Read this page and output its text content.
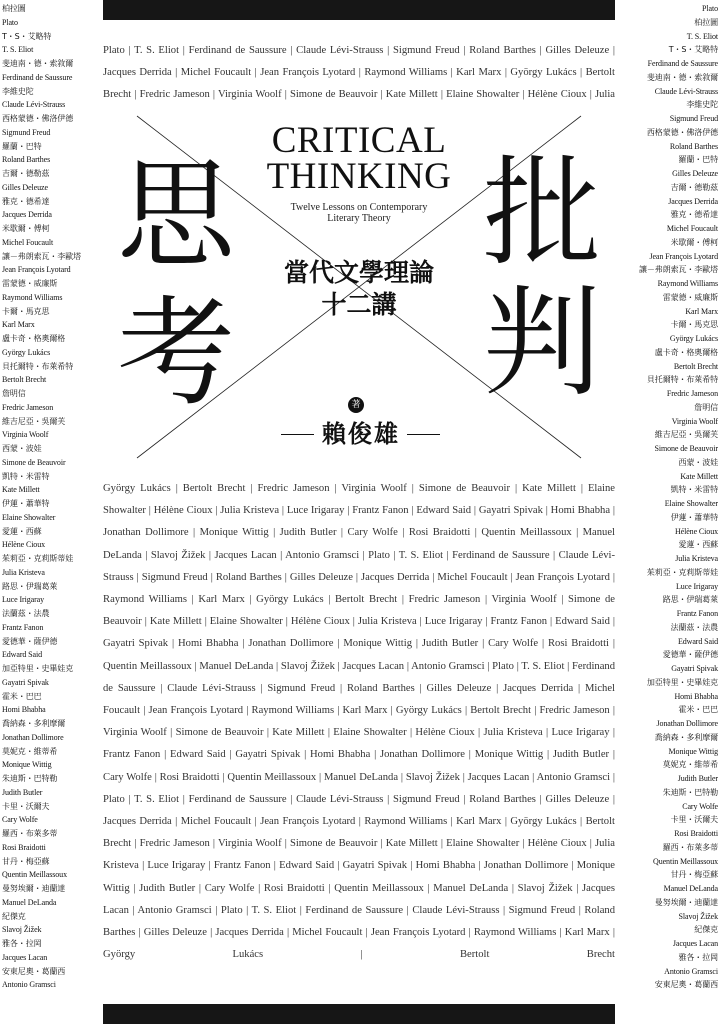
柏拉圖
Plato
T・S・艾略特
T. S. Eliot
斐迪南・德・索敘爾
Ferdinand de Saussure
李維史陀
Claude Lévi-Strauss
西格蒙德・佛洛伊德
Sigmund Freud
羅蘭・巴特
Roland Barthes
吉爾・德勒茲
Gilles Deleuze
雅克・德希達
Jacques Derrida
米歇爾・傅柯
Michel Foucault
讓－弗朗索瓦・李歐塔
Jean François Lyotard
雷蒙德・威廉斯
Raymond Williams
卡爾・馬克思
Karl Marx
盧卡奇・格奧爾格
György Lukács
貝托爾特・布萊希特
Bertolt Brecht
詹明信
Fredric Jameson
維吉尼亞・吳爾芙
Virginia Woolf
西蒙・波娃
Simone de Beauvoir
凱特・米雷特
Kate Millett
伊蓮・蕭華特
Elaine Showalter
愛蓮・西蘇
Hélène Cioux
茱莉亞・克莉斯蒂娃
Julia Kristeva
路思・伊瑞葛萊
Luce Irigaray
法蘭茲・法農
Frantz Fanon
愛德華・薩伊德
Edward Said
加亞特里・史畢娃克
Gayatri Spivak
霍米・巴巴
Homi Bhabha
喬納森・多利摩爾
Jonathan Dollimore
莫妮克・維蒂希
Monique Wittig
朱迪斯・巴特勒
Judith Butler
卡里・沃爾夫
Cary Wolfe
羅西・布萊多蒂
Rosi Braidotti
甘丹・梅亞蘇
Quentin Meillassoux
曼努埃爾・迪蘭達
Manuel DeLanda
紀傑克
Slavoj Žižek
雅各・拉岡
Jacques Lacan
安東尼奧・葛蘭西
Antonio Gramsci
Plato
柏拉圖
T. S. Eliot
T・S・艾略特
Ferdinand de Saussure
斐迪南・德・索敘爾
Claude Lévi-Strauss
李維史陀
Sigmund Freud
西格蒙德・佛洛伊德
Roland Barthes
羅蘭・巴特
Gilles Deleuze
吉爾・德勒茲
Jacques Derrida
雅克・德希達
Michel Foucault
米歇爾・傅柯
Jean François Lyotard
讓－弗朗索瓦・李歐塔
Raymond Williams
雷蒙德・威廉斯
Karl Marx
卡爾・馬克思
György Lukács
盧卡奇・格奧爾格
Bertolt Brecht
貝托爾特・布萊希特
Fredric Jameson
詹明信
Virginia Woolf
維吉尼亞・吳爾芙
Simone de Beauvoir
西蒙・波娃
Kate Millett
凱特・米雷特
Elaine Showalter
伊蓮・蕭華特
Hélène Cioux
愛蓮・西蘇
Julia Kristeva
茱莉亞・克莉斯蒂娃
Luce Irigaray
路思・伊瑞葛萊
Frantz Fanon
法蘭茲・法農
Edward Said
愛德華・薩伊德
Gayatri Spivak
加亞特里・史畢娃克
Homi Bhabha
霍米・巴巴
Jonathan Dollimore
喬納森・多利摩爾
Monique Wittig
莫妮克・維蒂希
Judith Butler
朱迪斯・巴特勒
Cary Wolfe
卡里・沃爾夫
Rosi Braidotti
羅西・布萊多蒂
Quentin Meillassoux
甘丹・梅亞蘇
Manuel DeLanda
曼努埃爾・迪蘭達
Slavoj Žižek
紀傑克
Jacques Lacan
雅各・拉岡
Antonio Gramsci
安東尼奧・葛蘭西
Plato | T. S. Eliot | Ferdinand de Saussure | Claude Lévi-Strauss | Sigmund Freud | Roland Barthes | Gilles Deleuze | Jacques Derrida | Michel Foucault | Jean François Lyotard | Raymond Williams | Karl Marx | György Lukács | Bertolt Brecht | Fredric Jameson | Virginia Woolf | Simone de Beauvoir | Kate Millett | Elaine Showalter | Hélène Cioux | Julia
思
考
批
判
CRITICAL
THINKING
Twelve Lessons on Contemporary
Literary Theory
當代文學理論
十二講
著
賴俊雄
György Lukács | Bertolt Brecht | Fredric Jameson | Virginia Woolf | Simone de Beauvoir | Kate Millett | Elaine Showalter | Hélène Cioux | Julia Kristeva | Luce Irigaray | Frantz Fanon | Edward Said | Gayatri Spivak | Homi Bhabha | Jonathan Dollimore | Monique Wittig | Judith Butler | Cary Wolfe | Rosi Braidotti | Quentin Meillassoux | Manuel DeLanda | Slavoj Žižek | Jacques Lacan | Antonio Gramsci | Plato | T. S. Eliot | Ferdinand de Saussure | Claude Lévi-Strauss | Sigmund Freud | Roland Barthes | Gilles Deleuze | Jacques Derrida | Michel Foucault | Jean François Lyotard | Raymond Williams | Karl Marx | György Lukács | Bertolt Brecht | Fredric Jameson | Virginia Woolf | Simone de Beauvoir | Kate Millett | Elaine Showalter | Hélène Cioux | Julia Kristeva | Luce Irigaray | Frantz Fanon | Edward Said | Gayatri Spivak | Homi Bhabha | Jonathan Dollimore | Monique Wittig | Judith Butler | Cary Wolfe | Rosi Braidotti | Quentin Meillassoux | Manuel DeLanda | Slavoj Žižek | Jacques Lacan | Antonio Gramsci | Plato | T. S. Eliot | Ferdinand de Saussure | Claude Lévi-Strauss | Sigmund Freud | Roland Barthes | Gilles Deleuze | Jacques Derrida | Michel Foucault | Jean François Lyotard | Raymond Williams | Karl Marx | György Lukács | Bertolt Brecht | Fredric Jameson | Virginia Woolf | Simone de Beauvoir | Kate Millett | Elaine Showalter | Hélène Cioux | Julia Kristeva | Luce Irigaray | Frantz Fanon | Edward Said | Gayatri Spivak | Homi Bhabha | Jonathan Dollimore | Monique Wittig | Judith Butler | Cary Wolfe | Rosi Braidotti | Quentin Meillassoux | Manuel DeLanda | Slavoj Žižek | Jacques Lacan | Antonio Gramsci | Plato | T. S. Eliot | Ferdinand de Saussure | Claude Lévi-Strauss | Sigmund Freud | Roland Barthes | Gilles Deleuze | Jacques Derrida | Michel Foucault | Jean François Lyotard | Raymond Williams | Karl Marx | György Lukács | Bertolt Brecht | Fredric Jameson | Virginia Woolf | Simone de Beauvoir | Kate Millett | Elaine Showalter | Hélène Cioux | Julia Kristeva | Luce Irigaray | Frantz Fanon | Edward Said | Gayatri Spivak | Homi Bhabha | Jonathan Dollimore | Monique Wittig | Judith Butler | Cary Wolfe | Rosi Braidotti | Quentin Meillassoux | Manuel DeLanda | Slavoj Žižek | Jacques Lacan | Antonio Gramsci | Plato | T. S. Eliot | Ferdinand de Saussure | Claude Lévi-Strauss | Sigmund Freud | Roland Barthes | Gilles Deleuze | Jacques Derrida | Michel Foucault | Jean François Lyotard | Raymond Williams | Karl Marx | György Lukács | Bertolt Brecht
